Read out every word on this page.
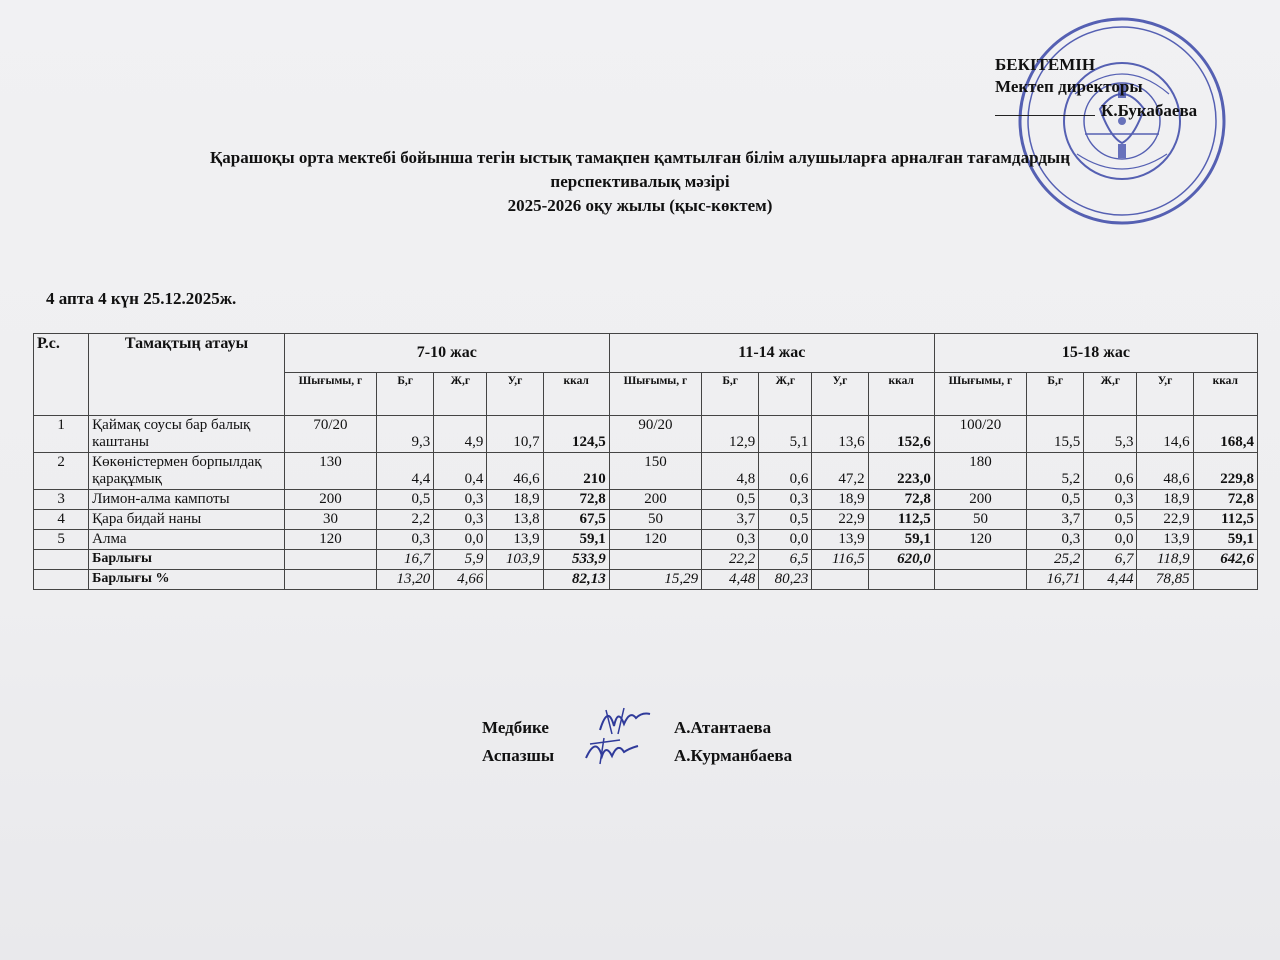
БЕКІТЕМІН
Мектеп директоры
К.Букабаева
Қарашоқы орта мектебі бойынша тегін ыстық тамақпен қамтылған білім алушыларға арналған тағамдардың
перспективалық мәзірі
2025-2026 оқу жылы (қыс-көктем)
4 апта 4 күн 25.12.2025ж.
Р.с.	Тамақтың атауы	7-10 жас					11-14 жас					15-18 жас				
		Шығымы, г	Б,г	Ж,г	У,г	ккал	Шығымы, г	Б,г	Ж,г	У,г	ккал	Шығымы, г	Б,г	Ж,г	У,г	ккал
1	Қаймақ соусы бар балық каштаны	70/20	9,3	4,9	10,7	124,5	90/20	12,9	5,1	13,6	152,6	100/20	15,5	5,3	14,6	168,4
2	Көкөністермен борпылдақ қарақұмық	130	4,4	0,4	46,6	210	150	4,8	0,6	47,2	223,0	180	5,2	0,6	48,6	229,8
3	Лимон-алма кампоты	200	0,5	0,3	18,9	72,8	200	0,5	0,3	18,9	72,8	200	0,5	0,3	18,9	72,8
4	Қара бидай наны	30	2,2	0,3	13,8	67,5	50	3,7	0,5	22,9	112,5	50	3,7	0,5	22,9	112,5
5	Алма	120	0,3	0,0	13,9	59,1	120	0,3	0,0	13,9	59,1	120	0,3	0,0	13,9	59,1
	Барлығы		16,7	5,9	103,9	533,9		22,2	6,5	116,5	620,0		25,2	6,7	118,9	642,6
	Барлығы %		13,20	4,66		82,13	15,29	4,48	80,23				16,71	4,44	78,85	
Медбике	А.Атантаева
Аспазшы	А.Курманбаева
